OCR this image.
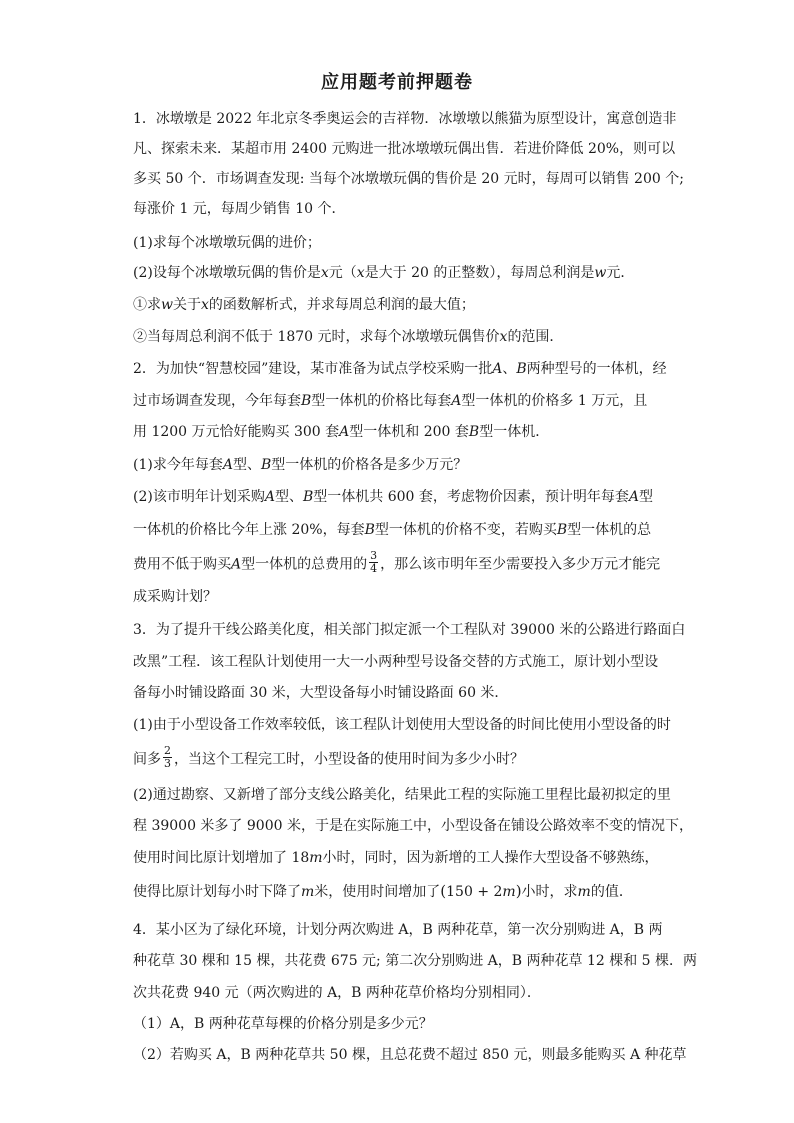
应用题考前押题卷
1．冰墩墩是 2022 年北京冬季奥运会的吉祥物．冰墩墩以熊猫为原型设计，寓意创造非
凡、探索未来．某超市用 2400 元购进一批冰墩墩玩偶出售．若进价降低 20%，则可以
多买 50 个．市场调查发现: 当每个冰墩墩玩偶的售价是 20 元时，每周可以销售 200 个;
每涨价 1 元，每周少销售 10 个．
(1)求每个冰墩墩玩偶的进价；
(2)设每个冰墩墩玩偶的售价是x元（x是大于 20 的正整数），每周总利润是w元．
①求w关于x的函数解析式，并求每周总利润的最大值；
②当每周总利润不低于 1870 元时，求每个冰墩墩玩偶售价x的范围．
2．为加快“智慧校园”建设，某市准备为试点学校采购一批A、B两种型号的一体机，经
过市场调查发现，今年每套B型一体机的价格比每套A型一体机的价格多 1 万元，且
用 1200 万元恰好能购买 300 套A型一体机和 200 套B型一体机．
(1)求今年每套A型、B型一体机的价格各是多少万元？
(2)该市明年计划采购A型、B型一体机共 600 套，考虑物价因素，预计明年每套A型
一体机的价格比今年上涨 20%，每套B型一体机的价格不变，若购买B型一体机的总
费用不低于购买A型一体机的总费用的 $\frac{3}{4}$ ，那么该市明年至少需要投入多少万元才能完
成采购计划？
3．为了提升干线公路美化度，相关部门拟定派一个工程队对 39000 米的公路进行路面白
改黑”工程．该工程队计划使用一大一小两种型号设备交替的方式施工，原计划小型设
备每小时铺设路面 30 米，大型设备每小时铺设路面 60 米．
(1)由于小型设备工作效率较低，该工程队计划使用大型设备的时间比使用小型设备的时
间多 $\frac{2}{3}$ ，当这个工程完工时，小型设备的使用时间为多少小时？
(2)通过勘察、又新增了部分支线公路美化，结果此工程的实际施工里程比最初拟定的里
程 39000 米多了 9000 米，于是在实际施工中，小型设备在铺设公路效率不变的情况下，
使用时间比原计划增加了 18m小时，同时，因为新增的工人操作大型设备不够熟练，
使得比原计划每小时下降了m米，使用时间增加了(150 + 2m)小时，求m的值．
4．某小区为了绿化环境，计划分两次购进 A，B 两种花草，第一次分别购进 A，B 两
种花草 30 棵和 15 棵，共花费 675 元; 第二次分别购进 A，B 两种花草 12 棵和 5 棵．两
次共花费 940 元（两次购进的 A，B 两种花草价格均分别相同）．
（1）A，B 两种花草每棵的价格分别是多少元？
（2）若购买 A，B 两种花草共 50 棵，且总花费不超过 850 元，则最多能购买 A 种花草
